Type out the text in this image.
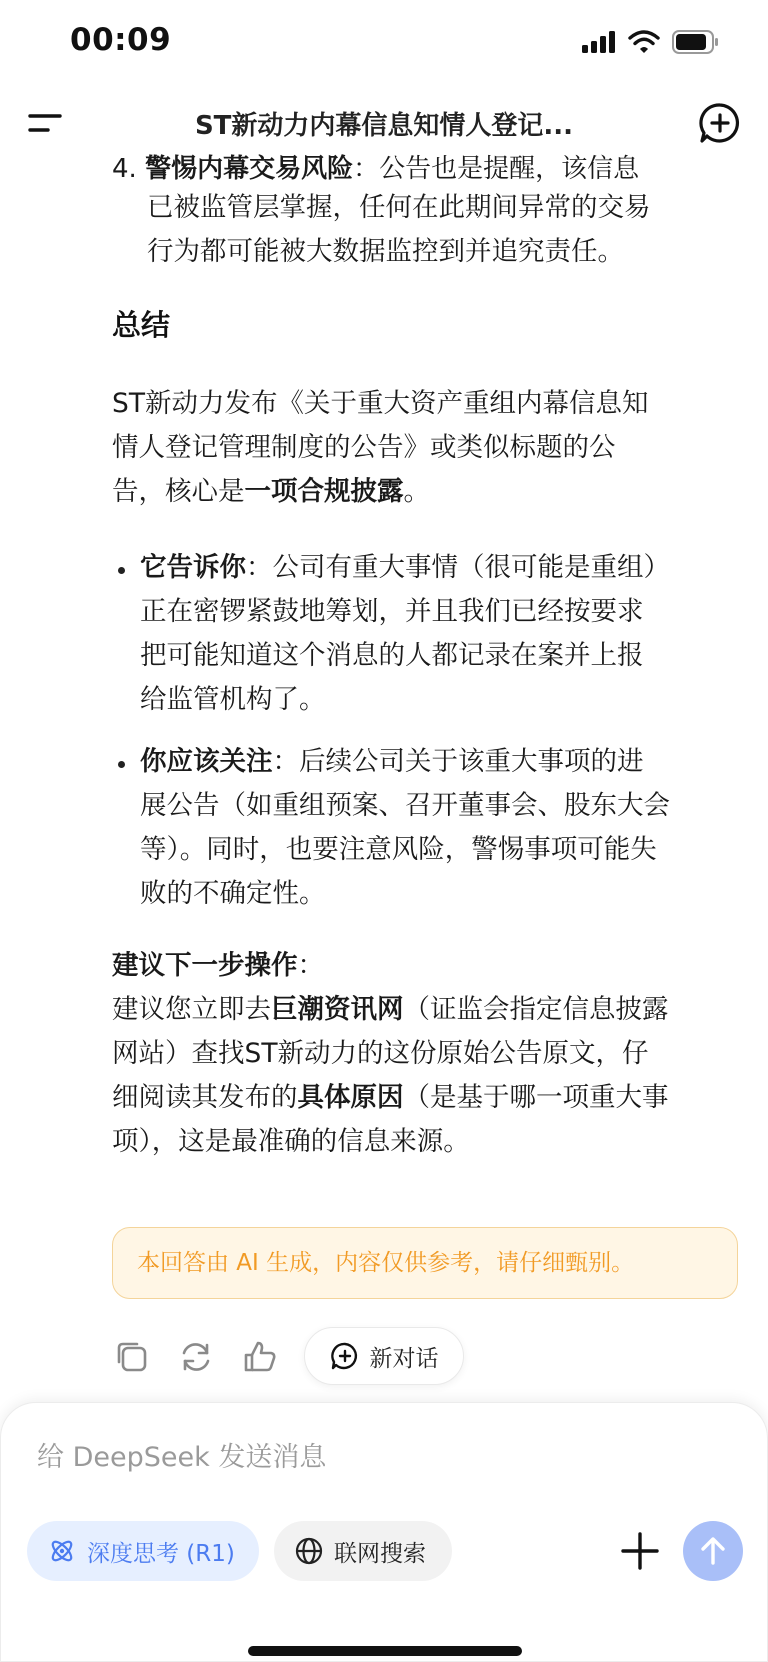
00:09
ST新动力内幕信息知情人登记...
4. 警惕内幕交易风险：公告也是提醒，该信息
已被监管层掌握，任何在此期间异常的交易
行为都可能被大数据监控到并追究责任。
总结
ST新动力发布《关于重大资产重组内幕信息知
情人登记管理制度的公告》或类似标题的公
告，核心是一项合规披露。
它告诉你：公司有重大事情（很可能是重组）
正在密锣紧鼓地筹划，并且我们已经按要求
把可能知道这个消息的人都记录在案并上报
给监管机构了。
你应该关注：后续公司关于该重大事项的进
展公告（如重组预案、召开董事会、股东大会
等）。同时，也要注意风险，警惕事项可能失
败的不确定性。
建议下一步操作：
建议您立即去巨潮资讯网（证监会指定信息披露
网站）查找ST新动力的这份原始公告原文，仔
细阅读其发布的具体原因（是基于哪一项重大事
项），这是最准确的信息来源。
本回答由 AI 生成，内容仅供参考，请仔细甄别。
新对话
给 DeepSeek 发送消息
深度思考 (R1)	联网搜索
